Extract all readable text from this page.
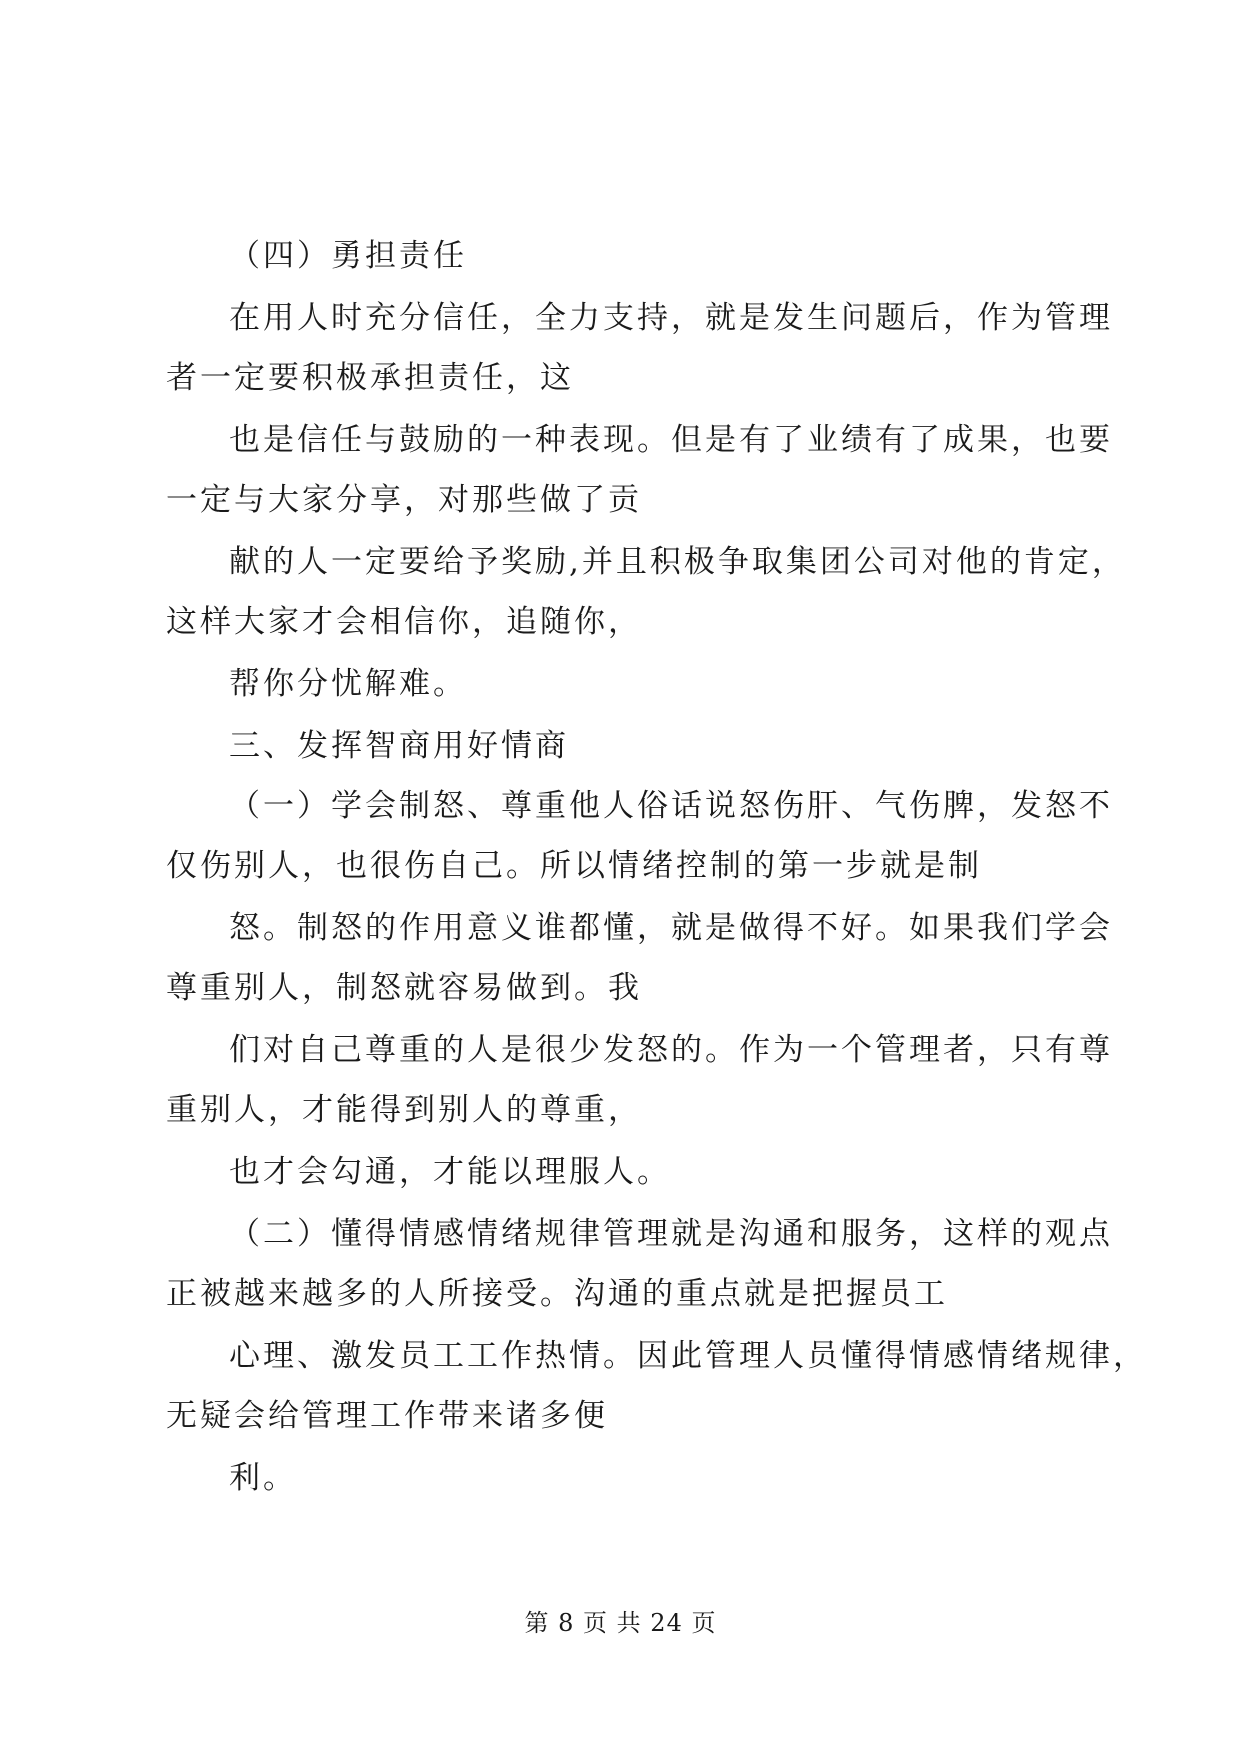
（四）勇担责任
在用人时充分信任，全力支持，就是发生问题后，作为管理
者一定要积极承担责任，这
也是信任与鼓励的一种表现。但是有了业绩有了成果，也要
一定与大家分享，对那些做了贡
献的人一定要给予奖励,并且积极争取集团公司对他的肯定，
这样大家才会相信你，追随你，
帮你分忧解难。
三、发挥智商用好情商
（一）学会制怒、尊重他人俗话说怒伤肝、气伤脾，发怒不
仅伤别人，也很伤自己。所以情绪控制的第一步就是制
怒。制怒的作用意义谁都懂，就是做得不好。如果我们学会
尊重别人，制怒就容易做到。我
们对自己尊重的人是很少发怒的。作为一个管理者，只有尊
重别人，才能得到别人的尊重，
也才会勾通，才能以理服人。
（二）懂得情感情绪规律管理就是沟通和服务，这样的观点
正被越来越多的人所接受。沟通的重点就是把握员工
心理、激发员工工作热情。因此管理人员懂得情感情绪规律，
无疑会给管理工作带来诸多便
利。
第 8 页 共 24 页
